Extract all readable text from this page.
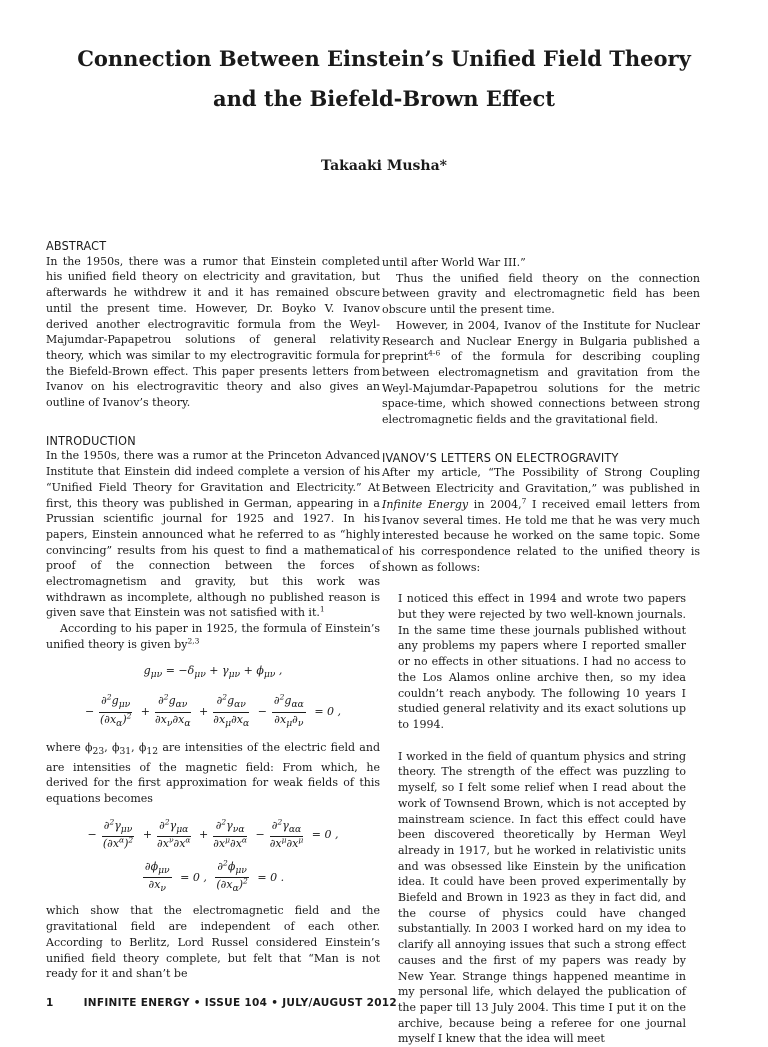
Connection Between Einstein’s Unified Field Theory
and the Biefeld-Brown Effect
Takaaki Musha*
ABSTRACT

In the 1950s, there was a rumor that Einstein completed his unified field theory on electricity and gravitation, but afterwards he withdrew it and it has remained obscure until the present time. However, Dr. Boyko V. Ivanov derived another electrogravitic formula from the Weyl-Majumdar-Papapetrou solutions of general relativity theory, which was similar to my electrogravitic formula for the Biefeld-Brown effect. This paper presents letters from Ivanov on his electrogravitic theory and also gives an outline of Ivanov’s theory.

INTRODUCTION

In the 1950s, there was a rumor at the Princeton Advanced Institute that Einstein did indeed complete a version of his “Unified Field Theory for Gravitation and Electricity.” At first, this theory was published in German, appearing in a Prussian scientific journal for 1925 and 1927. In his papers, Einstein announced what he referred to as “highly convincing” results from his quest to find a mathematical proof of the connection between the forces of electromagnetism and gravity, but this work was withdrawn as incomplete, although no published reason is given save that Einstein was not satisfied with it.$^1$

According to his paper in 1925, the formula of Einstein’s unified theory is given by$^{2,3}$

$g_{\mu\nu} = -\delta_{\mu\nu} + \gamma_{\mu\nu} + \phi_{\mu\nu}$ ,
− $\frac{\partial^2g_{\mu\nu}}{(\partial x_\alpha)^2} + \frac{\partial^2g_{\alpha\nu}}{\partial x_\nu\partial x_\alpha} + \frac{\partial^2g_{\alpha\nu}}{\partial x_\mu\partial x_\alpha} - \frac{\partial^2g_{\alpha\alpha}}{\partial x_\mu\partial_\nu} = 0$ ,

where $\phi_{23}$, $\phi_{31}$, $\phi_{12}$ are intensities of the electric field and are intensities of the magnetic field: From which, he derived for the first approximation for weak fields of this equations becomes

− $\frac{\partial^2\gamma_{\mu\nu}}{(\partial x^\alpha)^2} + \frac{\partial^2\gamma_{\mu\alpha}}{\partial x^\nu\partial x^\alpha} + \frac{\partial^2\gamma_{\nu\alpha}}{\partial x^\mu\partial x^\alpha} - \frac{\partial^2\gamma_{\alpha\alpha}}{\partial x^\mu\partial x^\mu} = 0$ ,
$\frac{\partial\phi_{\mu\nu}}{\partial x_\nu} = 0$ , $\frac{\partial^2\phi_{\mu\nu}}{(\partial x_\alpha)^2} = 0$ .

which show that the electromagnetic field and the gravitational field are independent of each other. According to Berlitz, Lord Russel considered Einstein’s unified field theory complete, but felt that “Man is not ready for it and shan’t be

until after World War III.”

Thus the unified field theory on the connection between gravity and electromagnetic field has been obscure until the present time.

However, in 2004, Ivanov of the Institute for Nuclear Research and Nuclear Energy in Bulgaria published a preprint$^{4-6}$ of the formula for describing coupling between electromagnetism and gravitation from the Weyl-Majumdar-Papapetrou solutions for the metric space-time, which showed connections between strong electromagnetic fields and the gravitational field.

IVANOV’S LETTERS ON ELECTROGRAVITY

After my article, “The Possibility of Strong Coupling Between Electricity and Gravitation,” was published in Infinite Energy in 2004,$^7$ I received email letters from Ivanov several times. He told me that he was very much interested because he worked on the same topic. Some of his correspondence related to the unified theory is shown as follows:

I noticed this effect in 1994 and wrote two papers but they were rejected by two well-known journals. In the same time these journals published without any problems my papers where I reported smaller or no effects in other situations. I had no access to the Los Alamos online archive then, so my idea couldn’t reach anybody. The following 10 years I studied general relativity and its exact solutions up to 1994.

I worked in the field of quantum physics and string theory. The strength of the effect was puzzling to myself, so I felt some relief when I read about the work of Townsend Brown, which is not accepted by mainstream science. In fact this effect could have been discovered theoretically by Herman Weyl already in 1917, but he worked in relativistic units and was obsessed like Einstein by the unification idea. It could have been proved experimentally by Biefeld and Brown in 1923 as they in fact did, and the course of physics could have changed substantially. In 2003 I worked hard on my idea to clarify all annoying issues that such a strong effect causes and the first of my papers was ready by New Year. Strange things happened meantime in my personal life, which delayed the publication of the paper till 13 July 2004. This time I put it on the archive, because being a referee for one journal myself I knew that the idea will meet

1	INFINITE ENERGY • ISSUE 104 • JULY/AUGUST 2012
